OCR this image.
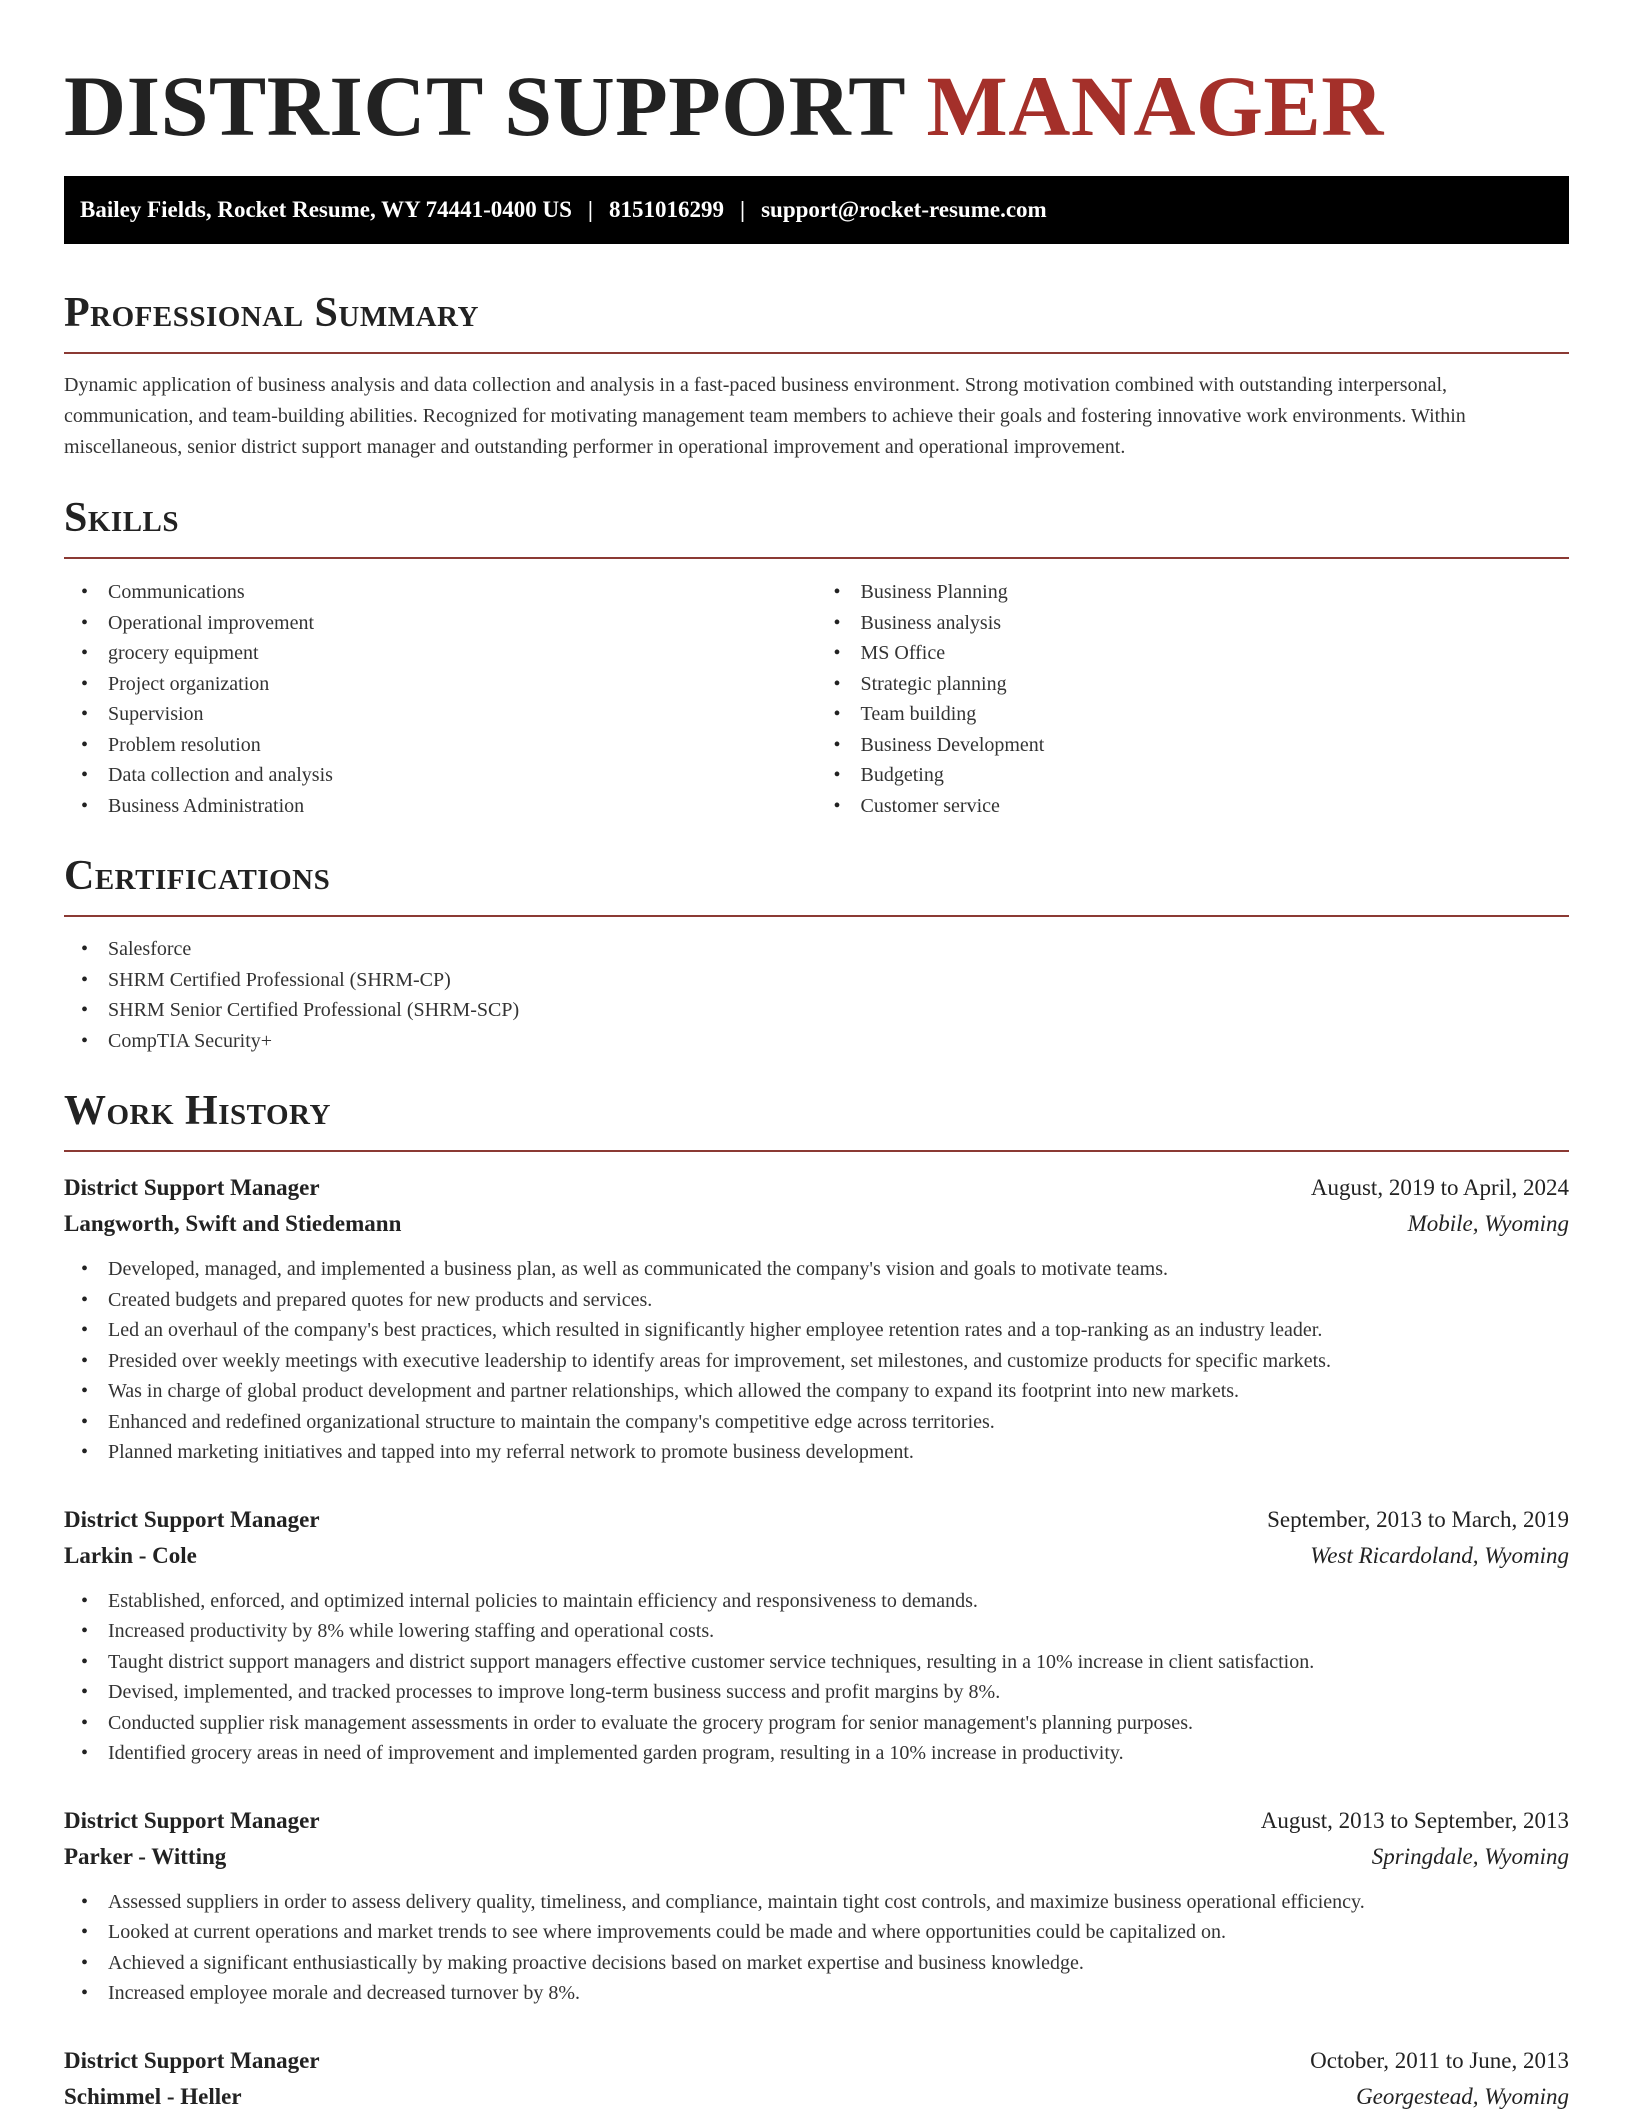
DISTRICT SUPPORT MANAGER
Bailey Fields, Rocket Resume, WY 74441-0400 US | 8151016299 | support@rocket-resume.com
Professional Summary

Dynamic application of business analysis and data collection and analysis in a fast-paced business environment. Strong motivation combined with outstanding interpersonal, communication, and team-building abilities. Recognized for motivating management team members to achieve their goals and fostering innovative work environments. Within miscellaneous, senior district support manager and outstanding performer in operational improvement and operational improvement.

Skills
• Communications
• Operational improvement
• grocery equipment
• Project organization
• Supervision
• Problem resolution
• Data collection and analysis
• Business Administration
• Business Planning
• Business analysis
• MS Office
• Strategic planning
• Team building
• Business Development
• Budgeting
• Customer service
Certifications
• Salesforce
• SHRM Certified Professional (SHRM-CP)
• SHRM Senior Certified Professional (SHRM-SCP)
• CompTIA Security+
Work History
District Support Manager	August, 2019 to April, 2024
Langworth, Swift and Stiedemann	Mobile, Wyoming
• Developed, managed, and implemented a business plan, as well as communicated the company's vision and goals to motivate teams.
• Created budgets and prepared quotes for new products and services.
• Led an overhaul of the company's best practices, which resulted in significantly higher employee retention rates and a top-ranking as an industry leader.
• Presided over weekly meetings with executive leadership to identify areas for improvement, set milestones, and customize products for specific markets.
• Was in charge of global product development and partner relationships, which allowed the company to expand its footprint into new markets.
• Enhanced and redefined organizational structure to maintain the company's competitive edge across territories.
• Planned marketing initiatives and tapped into my referral network to promote business development.
District Support Manager	September, 2013 to March, 2019
Larkin - Cole	West Ricardoland, Wyoming
• Established, enforced, and optimized internal policies to maintain efficiency and responsiveness to demands.
• Increased productivity by 8% while lowering staffing and operational costs.
• Taught district support managers and district support managers effective customer service techniques, resulting in a 10% increase in client satisfaction.
• Devised, implemented, and tracked processes to improve long-term business success and profit margins by 8%.
• Conducted supplier risk management assessments in order to evaluate the grocery program for senior management's planning purposes.
• Identified grocery areas in need of improvement and implemented garden program, resulting in a 10% increase in productivity.
District Support Manager	August, 2013 to September, 2013
Parker - Witting	Springdale, Wyoming
• Assessed suppliers in order to assess delivery quality, timeliness, and compliance, maintain tight cost controls, and maximize business operational efficiency.
• Looked at current operations and market trends to see where improvements could be made and where opportunities could be capitalized on.
• Achieved a significant enthusiastically by making proactive decisions based on market expertise and business knowledge.
• Increased employee morale and decreased turnover by 8%.
District Support Manager	October, 2011 to June, 2013
Schimmel - Heller	Georgestead, Wyoming
